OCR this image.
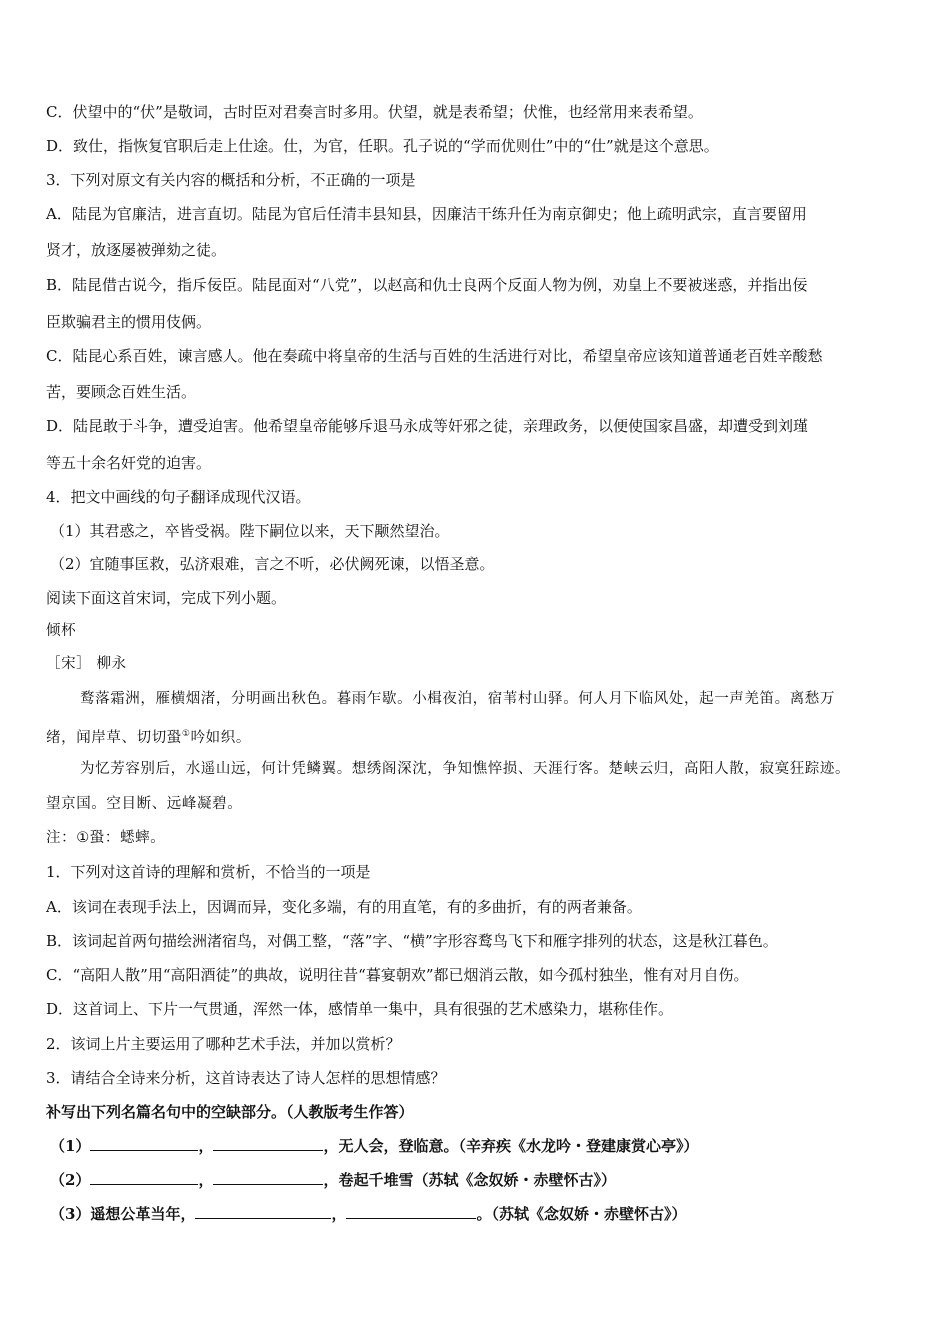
C．伏望中的“伏”是敬词，古时臣对君奏言时多用。伏望，就是表希望；伏惟，也经常用来表希望。
D．致仕，指恢复官职后走上仕途。仕，为官，任职。孔子说的“学而优则仕”中的“仕”就是这个意思。
3．下列对原文有关内容的概括和分析，不正确的一项是
A．陆昆为官廉洁，进言直切。陆昆为官后任清丰县知县，因廉洁干练升任为南京御史；他上疏明武宗，直言要留用
贤才，放逐屡被弹劾之徒。
B．陆昆借古说今，指斥佞臣。陆昆面对“八党”，以赵高和仇士良两个反面人物为例，劝皇上不要被迷惑，并指出佞
臣欺骗君主的惯用伎俩。
C．陆昆心系百姓，谏言感人。他在奏疏中将皇帝的生活与百姓的生活进行对比，希望皇帝应该知道普通老百姓辛酸愁
苦，要顾念百姓生活。
D．陆昆敢于斗争，遭受迫害。他希望皇帝能够斥退马永成等奸邪之徒，亲理政务，以便使国家昌盛，却遭受到刘瑾
等五十余名奸党的迫害。
4．把文中画线的句子翻译成现代汉语。
（1）其君惑之，卒皆受祸。陛下嗣位以来，天下颙然望治。
（2）宜随事匡救，弘济艰难，言之不听，必伏阙死谏，以悟圣意。
阅读下面这首宋词，完成下列小题。
倾杯
［宋］ 柳永
鹜落霜洲，雁横烟渚，分明画出秋色。暮雨乍歇。小楫夜泊，宿苇村山驿。何人月下临风处，起一声羌笛。离愁万
绪，闻岸草、切切蛩①吟如织。
为忆芳容别后，水遥山远，何计凭鳞翼。想绣阁深沈，争知憔悴损、天涯行客。楚峡云归，高阳人散，寂寞狂踪迹。
望京国。空目断、远峰凝碧。
注：①蛩：蟋蟀。
1．下列对这首诗的理解和赏析，不恰当的一项是
A．该词在表现手法上，因调而异，变化多端，有的用直笔，有的多曲折，有的两者兼备。
B．该词起首两句描绘洲渚宿鸟，对偶工整，“落”字、“横”字形容鹜鸟飞下和雁字排列的状态，这是秋江暮色。
C．“高阳人散”用“高阳酒徒”的典故，说明往昔“暮宴朝欢”都已烟消云散，如今孤村独坐，惟有对月自伤。
D．这首词上、下片一气贯通，浑然一体，感情单一集中，具有很强的艺术感染力，堪称佳作。
2．该词上片主要运用了哪种艺术手法，并加以赏析？
3．请结合全诗来分析，这首诗表达了诗人怎样的思想情感？
补写出下列名篇名句中的空缺部分。（人教版考生作答）
（1）	，	，无人会，登临意。（辛弃疾《水龙吟・登建康赏心亭》）
（2）	，	，卷起千堆雪（苏轼《念奴娇・赤壁怀古》）
（3）遥想公革当年，	，	。（苏轼《念奴娇・赤壁怀古》）
